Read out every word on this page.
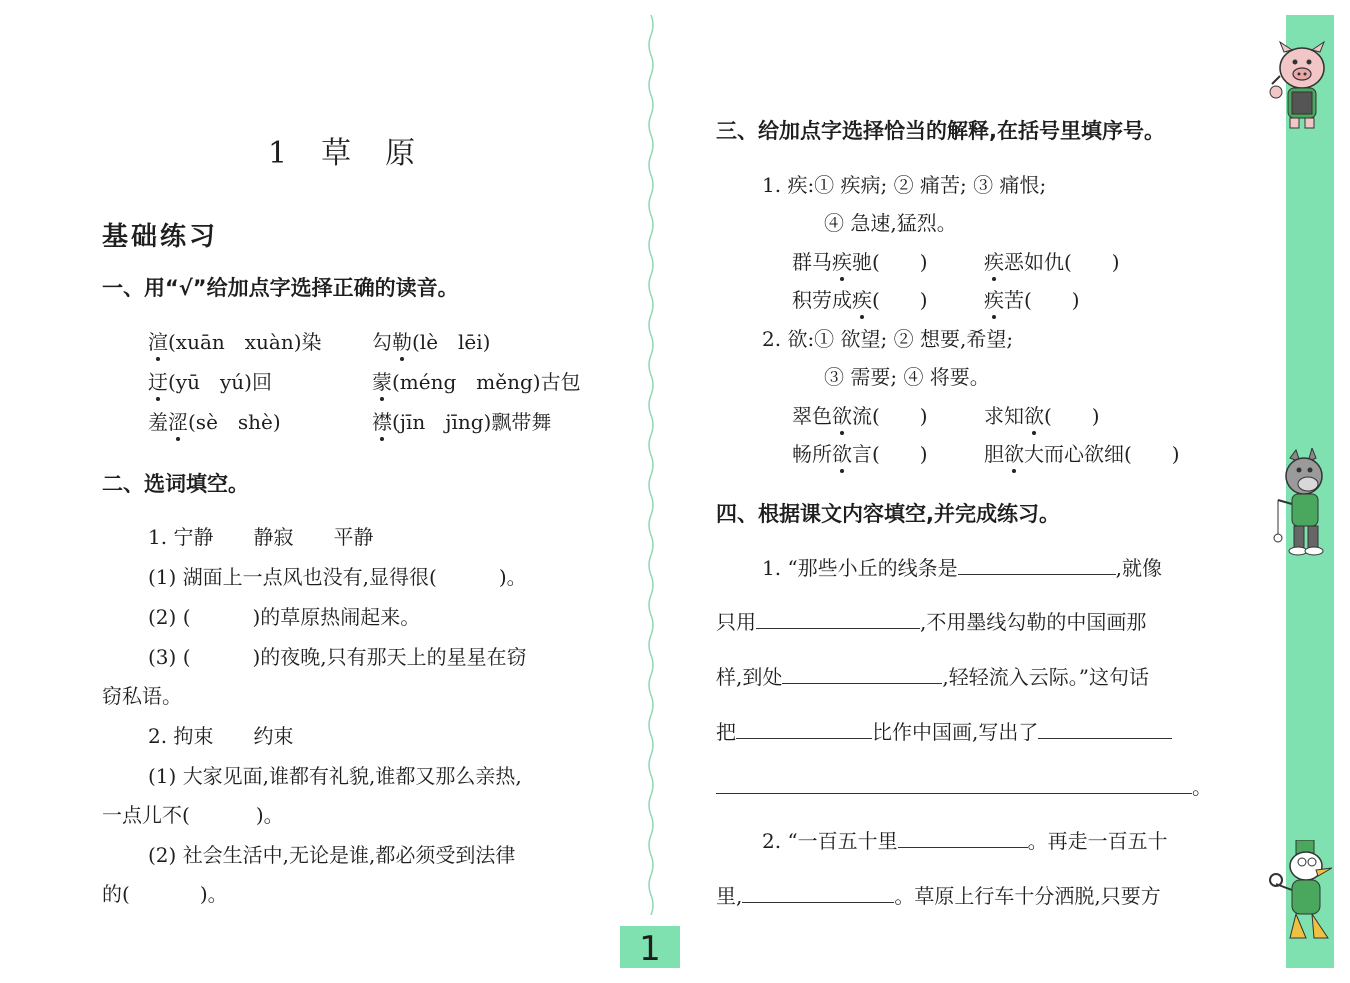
1 草 原
基础练习
一、用“√”给加点字选择正确的读音。
渲(xuān　xuàn)染	勾勒(lè　lēi)
迂(yū　yú)回	蒙(méng　měng)古包
羞涩(sè　shè)	襟(jīn　jīng)飘带舞
二、选词填空。
1. 宁静　　静寂　　平静
(1) 湖面上一点风也没有,显得很(	)。
(2) (	)的草原热闹起来。
(3) (	)的夜晚,只有那天上的星星在窃
窃私语。
2. 拘束　　约束
(1) 大家见面,谁都有礼貌,谁都又那么亲热,
一点儿不(	)。
(2) 社会生活中,无论是谁,都必须受到法律
的(	)。
三、给加点字选择恰当的解释,在括号里填序号。
1. 疾:① 疾病; ② 痛苦; ③ 痛恨;
④ 急速,猛烈。
群马疾驰(　　)	疾恶如仇(　　)
积劳成疾(　　)	疾苦(　　)
2. 欲:① 欲望; ② 想要,希望;
③ 需要; ④ 将要。
翠色欲流(　　)	求知欲(　　)
畅所欲言(　　)	胆欲大而心欲细(　　)
四、根据课文内容填空,并完成练习。
1. “那些小丘的线条是	,就像
只用	,不用墨线勾勒的中国画那
样,到处	,轻轻流入云际。”这句话
把	比作中国画,写出了
。
2. “一百五十里	。再走一百五十
里,	。草原上行车十分洒脱,只要方
1
